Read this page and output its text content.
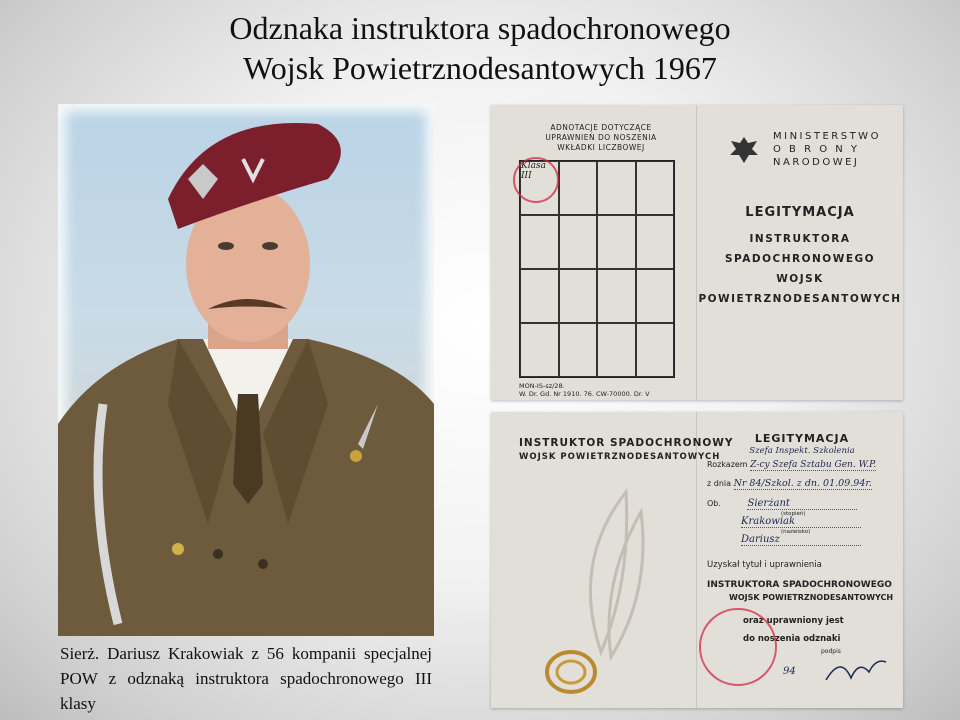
Odznaka instruktora spadochronowego
Wojsk Powietrznodesantowych 1967
Sierż. Dariusz Krakowiak z 56 kompanii specjalnej POW z odznaką instruktora spadochronowego III klasy
ADNOTACJE DOTYCZĄCE
UPRAWNIEŃ DO NOSZENIA
WKŁADKI LICZBOWEJ
Klasa
III
MON-IS-sz/28.
W. Dr. Gd. Nr 1910. 76. CW-70000. Dr. V
MINISTERSTWO
O B R O N Y
NARODOWEJ
LEGITYMACJA
INSTRUKTORA
SPADOCHRONOWEGO
WOJSK
POWIETRZNODESANTOWYCH
INSTRUKTOR SPADOCHRONOWY
WOJSK POWIETRZNODESANTOWYCH
LEGITYMACJA
Szefa Inspekt. Szkolenia
Rozkazem Z-cy Szefa Sztabu Gen. W.P.
z dnia Nr 84/Szkol. z dn. 01.09.94r.
Ob.	Sierżant
(stopień)
Krakowiak
(nazwisko)
Dariusz
Uzyskał tytuł i uprawnienia
INSTRUKTORA SPADOCHRONOWEGO
WOJSK POWIETRZNODESANTOWYCH
oraz uprawniony jest
do noszenia odznaki
podpis
94
